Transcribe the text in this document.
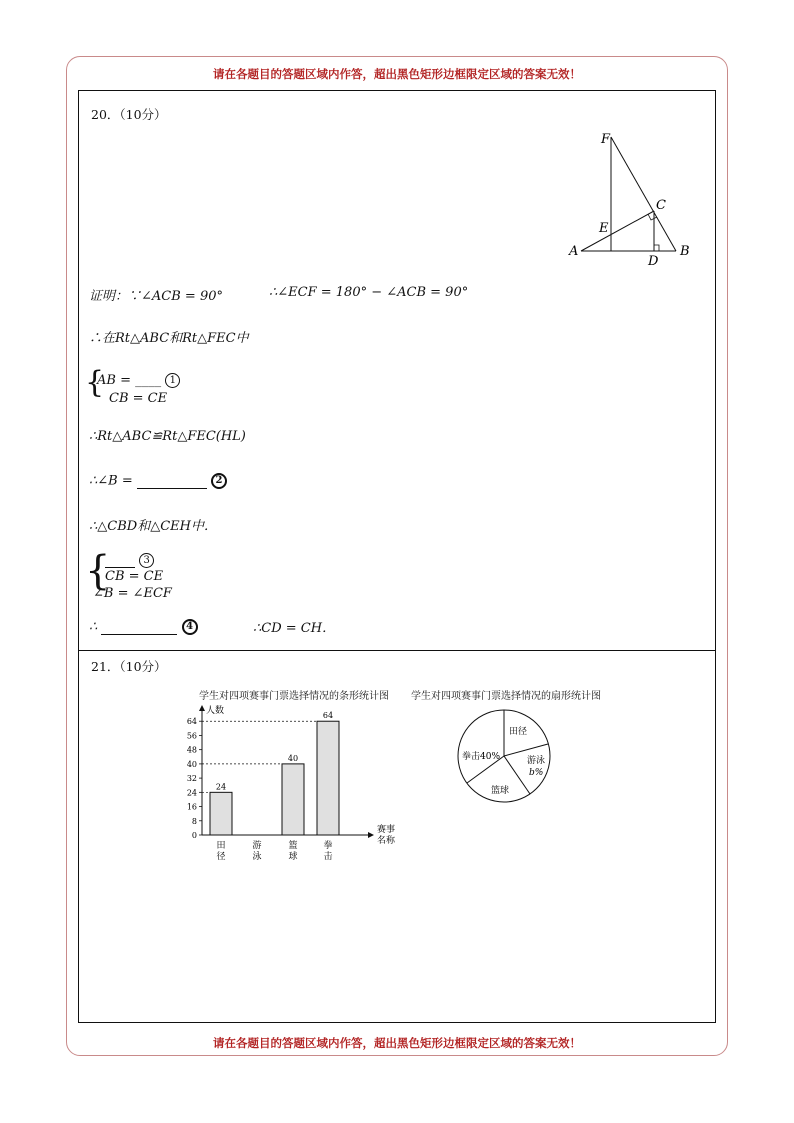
请在各题目的答题区域内作答，超出黑色矩形边框限定区域的答案无效！
20．（10分）
F
C
E
A
D
B
证明：∵∠ACB = 90°	∴∠ECF = 180° − ∠ACB = 90°
∴在Rt△ABC和Rt△FEC中
{
AB = ____ 1
CB = CE
∴Rt△ABC≌Rt△FEC(HL)
∴∠B =	2
∴△CBD和△CEH中．
{	3
CB = CE
∠B = ∠ECF
∴	4	∴CD = CH．
21．（10分）
学生对四项赛事门票选择情况的条形统计图 学生对四项赛事门票选择情况的扇形统计图
人数
赛事
名称
0
8
16
24
32
40
48
56
64
24
田
径
游
泳
40
篮
球
64
拳
击
田径
拳击40%	游泳
b%
篮球
请在各题目的答题区域内作答，超出黑色矩形边框限定区域的答案无效！
